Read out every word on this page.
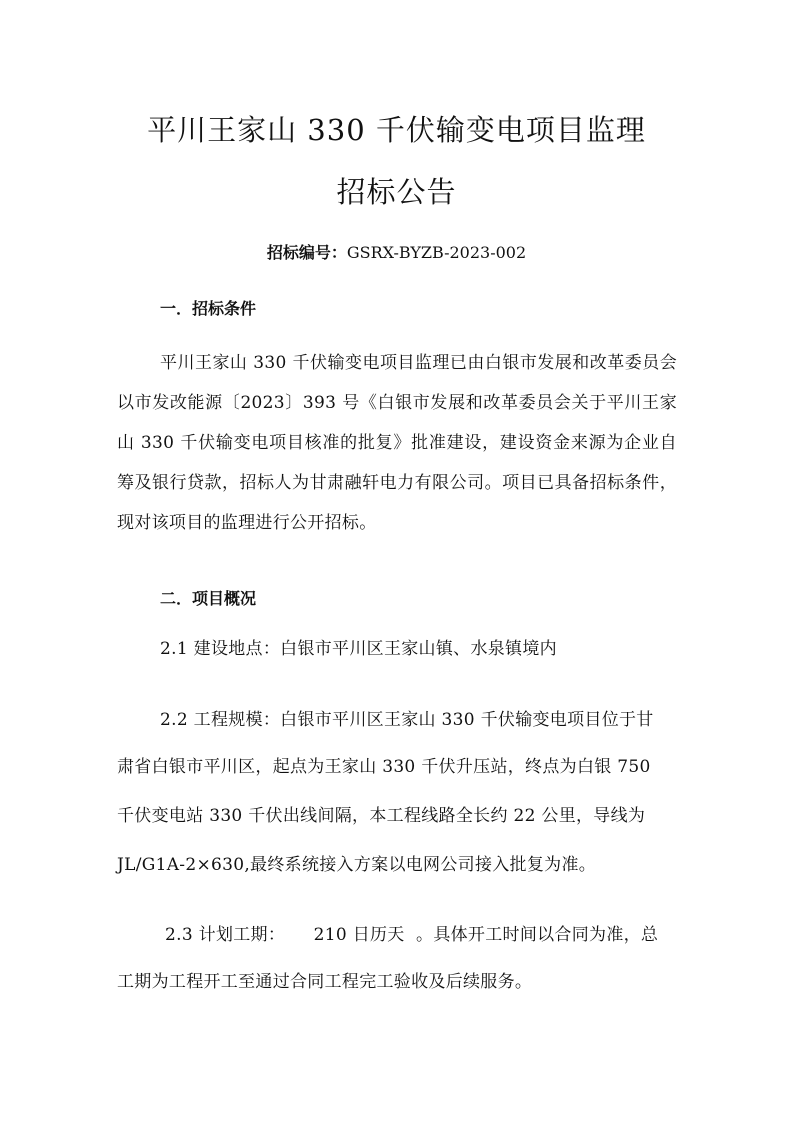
平川王家山 330 千伏输变电项目监理
招标公告
招标编号：GSRX-BYZB-2023-002
一．招标条件
平川王家山 330 千伏输变电项目监理已由白银市发展和改革委员会以市发改能源〔2023〕393 号《白银市发展和改革委员会关于平川王家山 330 千伏输变电项目核准的批复》批准建设，建设资金来源为企业自筹及银行贷款，招标人为甘肃融轩电力有限公司。项目已具备招标条件，现对该项目的监理进行公开招标。
二．项目概况
2.1 建设地点：白银市平川区王家山镇、水泉镇境内
2.2 工程规模：白银市平川区王家山 330 千伏输变电项目位于甘
肃省白银市平川区，起点为王家山 330 千伏升压站，终点为白银 750
千伏变电站 330 千伏出线间隔，本工程线路全长约 22 公里，导线为
JL/G1A-2×630,最终系统接入方案以电网公司接入批复为准。
2.3 计划工期：     210 日历天  。具体开工时间以合同为准，总
工期为工程开工至通过合同工程完工验收及后续服务。
